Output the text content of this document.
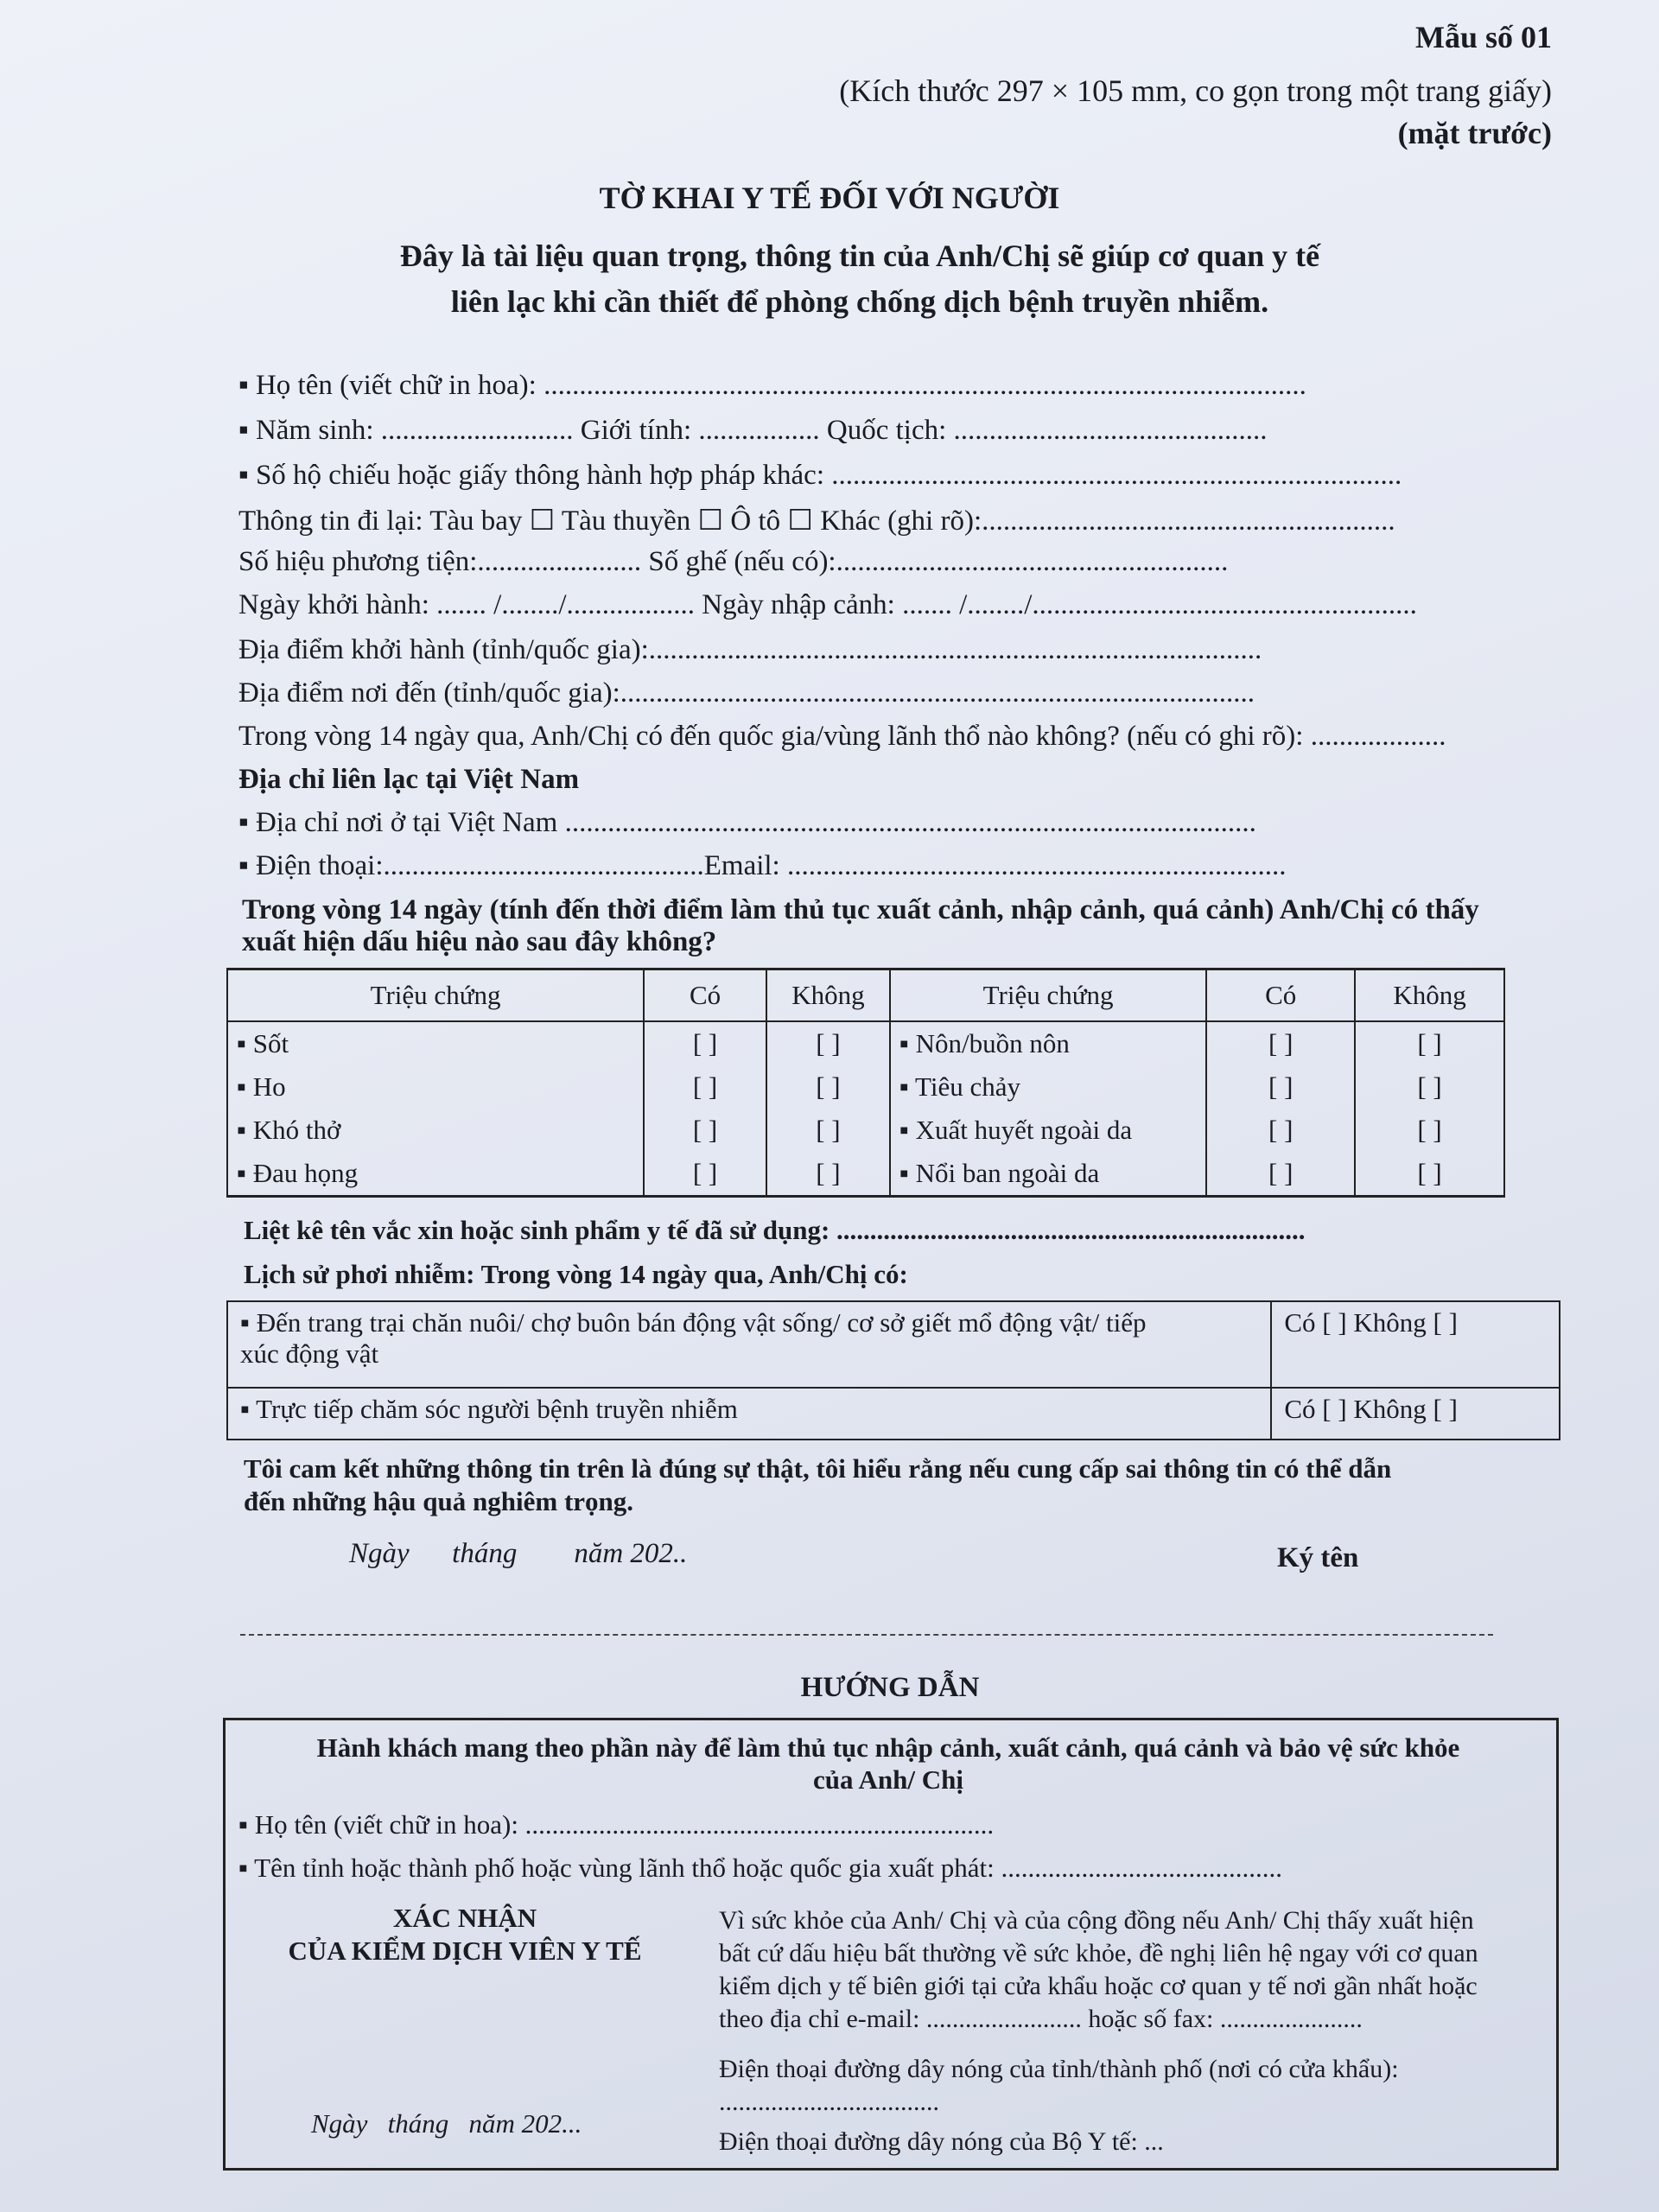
Mẫu số 01
(Kích thước 297 × 105 mm, co gọn trong một trang giấy)
(mặt trước)
TỜ KHAI Y TẾ ĐỐI VỚI NGƯỜI
Đây là tài liệu quan trọng, thông tin của Anh/Chị sẽ giúp cơ quan y tế
liên lạc khi cần thiết để phòng chống dịch bệnh truyền nhiễm.
▪ Họ tên (viết chữ in hoa): ...........................................................................................................
▪ Năm sinh: ........................... Giới tính: ................. Quốc tịch: ............................................
▪ Số hộ chiếu hoặc giấy thông hành hợp pháp khác: ................................................................................
Thông tin đi lại: Tàu bay ☐ Tàu thuyền ☐ Ô tô ☐ Khác (ghi rõ):..........................................................
Số hiệu phương tiện:....................... Số ghế (nếu có):.......................................................
Ngày khởi hành: ....... /......../.................. Ngày nhập cảnh: ....... /......../......................................................
Địa điểm khởi hành (tỉnh/quốc gia):......................................................................................
Địa điểm nơi đến (tỉnh/quốc gia):.........................................................................................
Trong vòng 14 ngày qua, Anh/Chị có đến quốc gia/vùng lãnh thổ nào không? (nếu có ghi rõ): ...................
Địa chỉ liên lạc tại Việt Nam
▪ Địa chỉ nơi ở tại Việt Nam .................................................................................................
▪ Điện thoại:.............................................Email: ......................................................................
Trong vòng 14 ngày (tính đến thời điểm làm thủ tục xuất cảnh, nhập cảnh, quá cảnh) Anh/Chị có thấy
xuất hiện dấu hiệu nào sau đây không?
Triệu chứng	Có	Không	Triệu chứng	Có	Không
▪ Sốt	[ ]	[ ]	▪ Nôn/buồn nôn	[ ]	[ ]
▪ Ho	[ ]	[ ]	▪ Tiêu chảy	[ ]	[ ]
▪ Khó thở	[ ]	[ ]	▪ Xuất huyết ngoài da	[ ]	[ ]
▪ Đau họng	[ ]	[ ]	▪ Nổi ban ngoài da	[ ]	[ ]
Liệt kê tên vắc xin hoặc sinh phẩm y tế đã sử dụng: ......................................................................
Lịch sử phơi nhiễm: Trong vòng 14 ngày qua, Anh/Chị có:
▪ Đến trang trại chăn nuôi/ chợ buôn bán động vật sống/ cơ sở giết mổ động vật/ tiếp
xúc động vật	Có [ ] Không [ ]
▪ Trực tiếp chăm sóc người bệnh truyền nhiễm	Có [ ] Không [ ]
Tôi cam kết những thông tin trên là đúng sự thật, tôi hiểu rằng nếu cung cấp sai thông tin có thể dẫn
đến những hậu quả nghiêm trọng.
Ngày      tháng        năm 202..	Ký tên
HƯỚNG DẪN
Hành khách mang theo phần này để làm thủ tục nhập cảnh, xuất cảnh, quá cảnh và bảo vệ sức khỏe
của Anh/ Chị
▪ Họ tên (viết chữ in hoa): ......................................................................
▪ Tên tỉnh hoặc thành phố hoặc vùng lãnh thổ hoặc quốc gia xuất phát: ..........................................
XÁC NHẬN
CỦA KIỂM DỊCH VIÊN Y TẾ
Ngày   tháng   năm 202...
Vì sức khỏe của Anh/ Chị và của cộng đồng nếu Anh/ Chị thấy xuất hiện
bất cứ dấu hiệu bất thường về sức khỏe, đề nghị liên hệ ngay với cơ quan
kiểm dịch y tế biên giới tại cửa khẩu hoặc cơ quan y tế nơi gần nhất hoặc
theo địa chỉ e-mail: ........................ hoặc số fax: ......................
Điện thoại đường dây nóng của tỉnh/thành phố (nơi có cửa khẩu):
..................................
Điện thoại đường dây nóng của Bộ Y tế: ...
